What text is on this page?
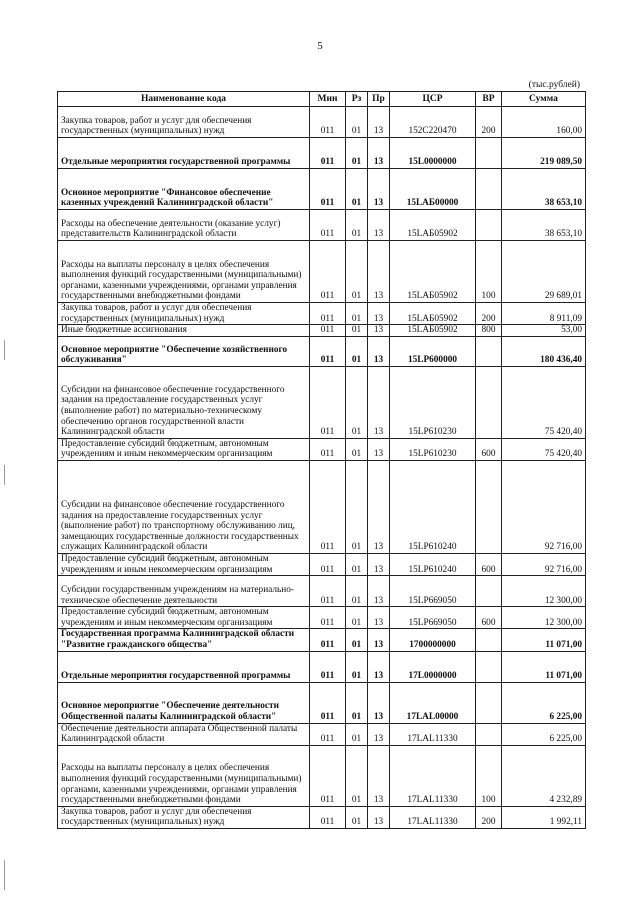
5
(тыс.рублей)
Наименование кода	Мин	Рз	Пр	ЦСР	ВР	Сумма
Закупка товаров, работ и услуг для обеспечения государственных (муниципальных) нужд	011	01	13	152C220470	200	160,00
Отдельные мероприятия государственной программы	011	01	13	15L0000000		219 089,50
Основное мероприятие "Финансовое обеспечение казенных учреждений Калининградской области"	011	01	13	15LAБ00000		38 653,10
Расходы на обеспечение деятельности (оказание услуг) представительств Калининградской области	011	01	13	15LAБ05902		38 653,10
Расходы на выплаты персоналу в целях обеспечения выполнения функций государственными (муниципальными) органами, казенными учреждениями, органами управления государственными внебюджетными фондами	011	01	13	15LAБ05902	100	29 689,01
Закупка товаров, работ и услуг для обеспечения государственных (муниципальных) нужд	011	01	13	15LAБ05902	200	8 911,09
Иные бюджетные ассигнования	011	01	13	15LAБ05902	800	53,00
Основное мероприятие "Обеспечение хозяйственного обслуживания"	011	01	13	15LP600000		180 436,40
Субсидии на финансовое обеспечение государственного задания на предоставление государственных услуг (выполнение работ) по материально-техническому обеспечению органов государственной власти Калининградской области	011	01	13	15LP610230		75 420,40
Предоставление субсидий бюджетным, автономным учреждениям и иным некоммерческим организациям	011	01	13	15LP610230	600	75 420,40
Субсидии на финансовое обеспечение государственного задания на предоставление государственных услуг (выполнение работ) по транспортному обслуживанию лиц, замещающих государственные должности государственных служащих Калининградской области	011	01	13	15LP610240		92 716,00
Предоставление субсидий бюджетным, автономным учреждениям и иным некоммерческим организациям	011	01	13	15LP610240	600	92 716,00
Субсидии государственным учреждениям на материально-техническое обеспечение деятельности	011	01	13	15LP669050		12 300,00
Предоставление субсидий бюджетным, автономным учреждениям и иным некоммерческим организациям	011	01	13	15LP669050	600	12 300,00
Государственная программа Калининградской области "Развитие гражданского общества"	011	01	13	1700000000		11 071,00
Отдельные мероприятия государственной программы	011	01	13	17L0000000		11 071,00
Основное мероприятие "Обеспечение деятельности Общественной палаты Калининградской области"	011	01	13	17LAL00000		6 225,00
Обеспечение деятельности аппарата Общественной палаты Калининградской области	011	01	13	17LAL11330		6 225,00
Расходы на выплаты персоналу в целях обеспечения выполнения функций государственными (муниципальными) органами, казенными учреждениями, органами управления государственными внебюджетными фондами	011	01	13	17LAL11330	100	4 232,89
Закупка товаров, работ и услуг для обеспечения государственных (муниципальных) нужд	011	01	13	17LAL11330	200	1 992,11
